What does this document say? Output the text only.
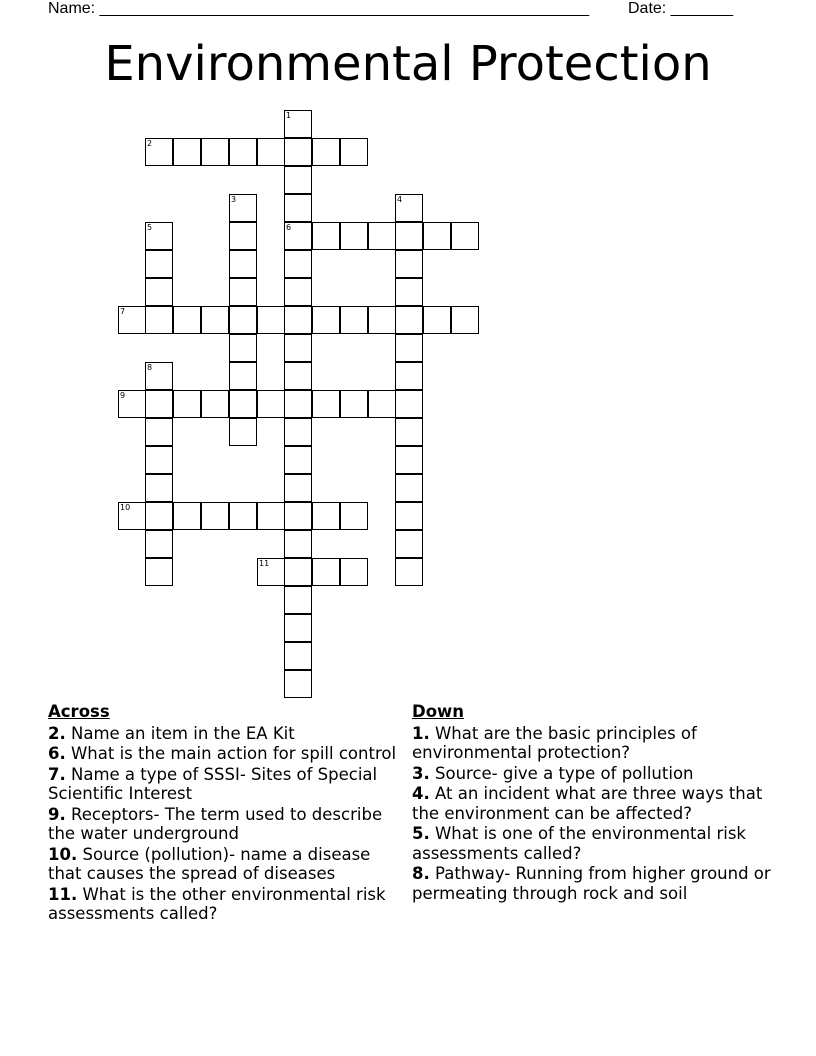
Name: _______________________________________________________ Date: _______
Environmental Protection
1
2
3	4
5	6
7
8
9
10
11
Across
2. Name an item in the EA Kit
6. What is the main action for spill control
7. Name a type of SSSI- Sites of Special Scientific Interest
9. Receptors- The term used to describe the water underground
10. Source (pollution)- name a disease that causes the spread of diseases
11. What is the other environmental risk assessments called?
Down
1. What are the basic principles of environmental protection?
3. Source- give a type of pollution
4. At an incident what are three ways that the environment can be affected?
5. What is one of the environmental risk assessments called?
8. Pathway- Running from higher ground or permeating through rock and soil
